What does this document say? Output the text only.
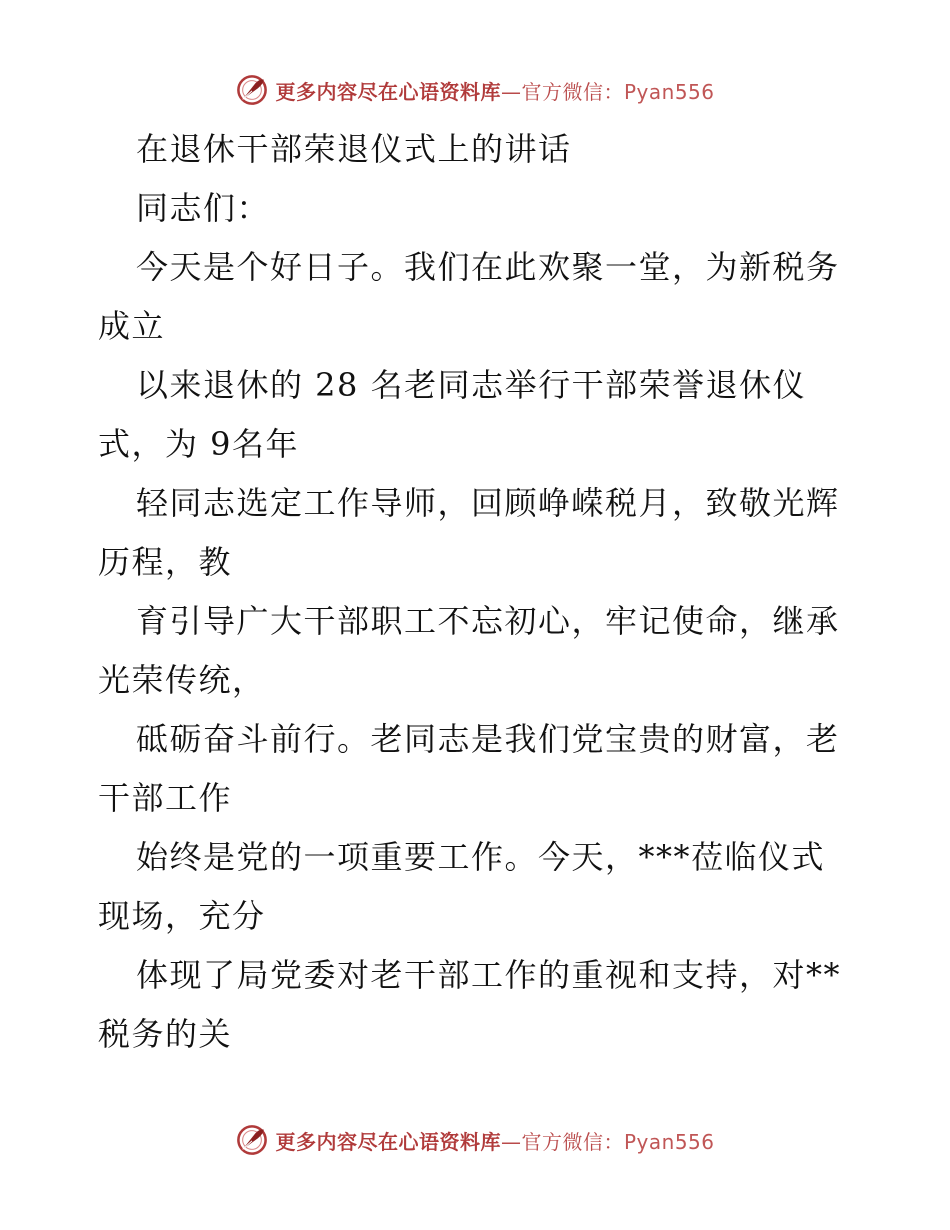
更多内容尽在心语资料库—官方微信：Pyan556
在退休干部荣退仪式上的讲话
同志们：
今天是个好日子。我们在此欢聚一堂，为新税务
成立
以来退休的 28 名老同志举行干部荣誉退休仪
式，为 9名年
轻同志选定工作导师，回顾峥嵘税月，致敬光辉
历程，教
育引导广大干部职工不忘初心，牢记使命，继承
光荣传统，
砥砺奋斗前行。老同志是我们党宝贵的财富，老
干部工作
始终是党的一项重要工作。今天，***莅临仪式
现场，充分
体现了局党委对老干部工作的重视和支持，对**
税务的关
更多内容尽在心语资料库—官方微信：Pyan556
